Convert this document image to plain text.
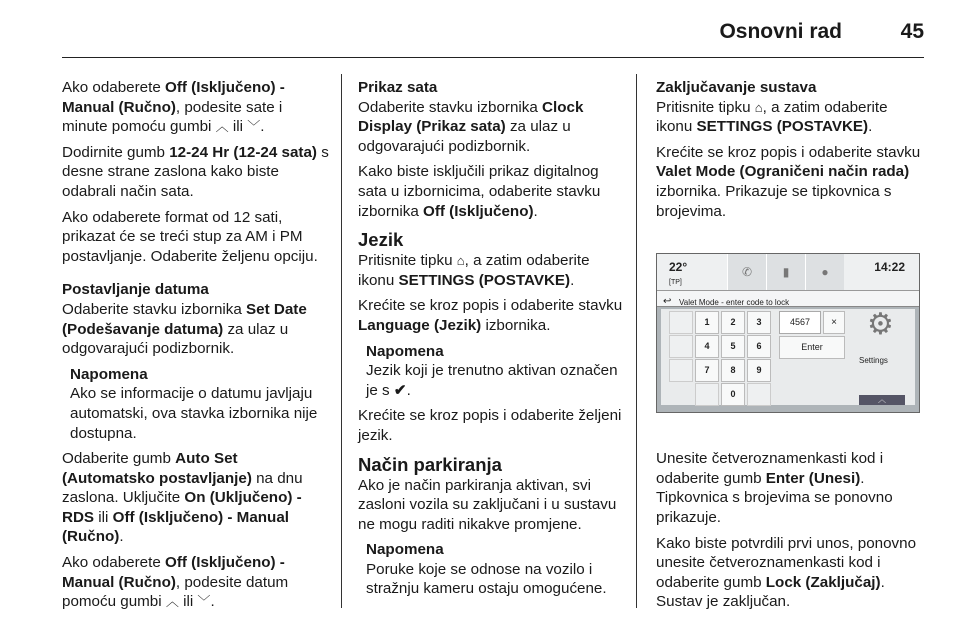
Osnovni rad	45

Ako odaberete Off (Isključeno) - Manual (Ručno), podesite sate i minute pomoću gumbi ︿ ili ﹀.

Dodirnite gumb 12-24 Hr (12-24 sata) s desne strane zaslona kako biste odabrali način sata.

Ako odaberete format od 12 sati, prikazat će se treći stup za AM i PM postavljanje. Odaberite željenu opciju.

Postavljanje datuma

Odaberite stavku izbornika Set Date (Podešavanje datuma) za ulaz u odgovarajući podizbornik.

Napomena
Ako se informacije o datumu javljaju automatski, ova stavka izbornika nije dostupna.

Odaberite gumb Auto Set (Automatsko postavljanje) na dnu zaslona. Uključite On (Uključeno) - RDS ili Off (Isključeno) - Manual (Ručno).

Ako odaberete Off (Isključeno) - Manual (Ručno), podesite datum pomoću gumbi ︿ ili ﹀.

Prikaz sata

Odaberite stavku izbornika Clock Display (Prikaz sata) za ulaz u odgovarajući podizbornik.

Kako biste isključili prikaz digitalnog sata u izbornicima, odaberite stavku izbornika Off (Isključeno).

Jezik

Pritisnite tipku ⌂, a zatim odaberite ikonu SETTINGS (POSTAVKE).

Krećite se kroz popis i odaberite stavku Language (Jezik) izbornika.

Napomena
Jezik koji je trenutno aktivan označen je s ✔.

Krećite se kroz popis i odaberite željeni jezik.

Način parkiranja

Ako je način parkiranja aktivan, svi zasloni vozila su zaključani i u sustavu ne mogu raditi nikakve promjene.

Napomena
Poruke koje se odnose na vozilo i stražnju kameru ostaju omogućene.
Zaključavanje sustava

Pritisnite tipku ⌂, a zatim odaberite ikonu SETTINGS (POSTAVKE).

Krećite se kroz popis i odaberite stavku Valet Mode (Ograničeni način rada) izbornika. Prikazuje se tipkovnica s brojevima.

22°
[TP]
✆	▮	●	14:22
↩ Valet Mode - enter code to lock
1	2	3
4	5	6
7	8	9
0
4567	×
Enter
⚙
Settings
︿

Unesite četveroznamenkasti kod i odaberite gumb Enter (Unesi). Tipkovnica s brojevima se ponovno prikazuje.

Kako biste potvrdili prvi unos, ponovno unesite četveroznamenkasti kod i odaberite gumb Lock (Zaključaj). Sustav je zaključan.
